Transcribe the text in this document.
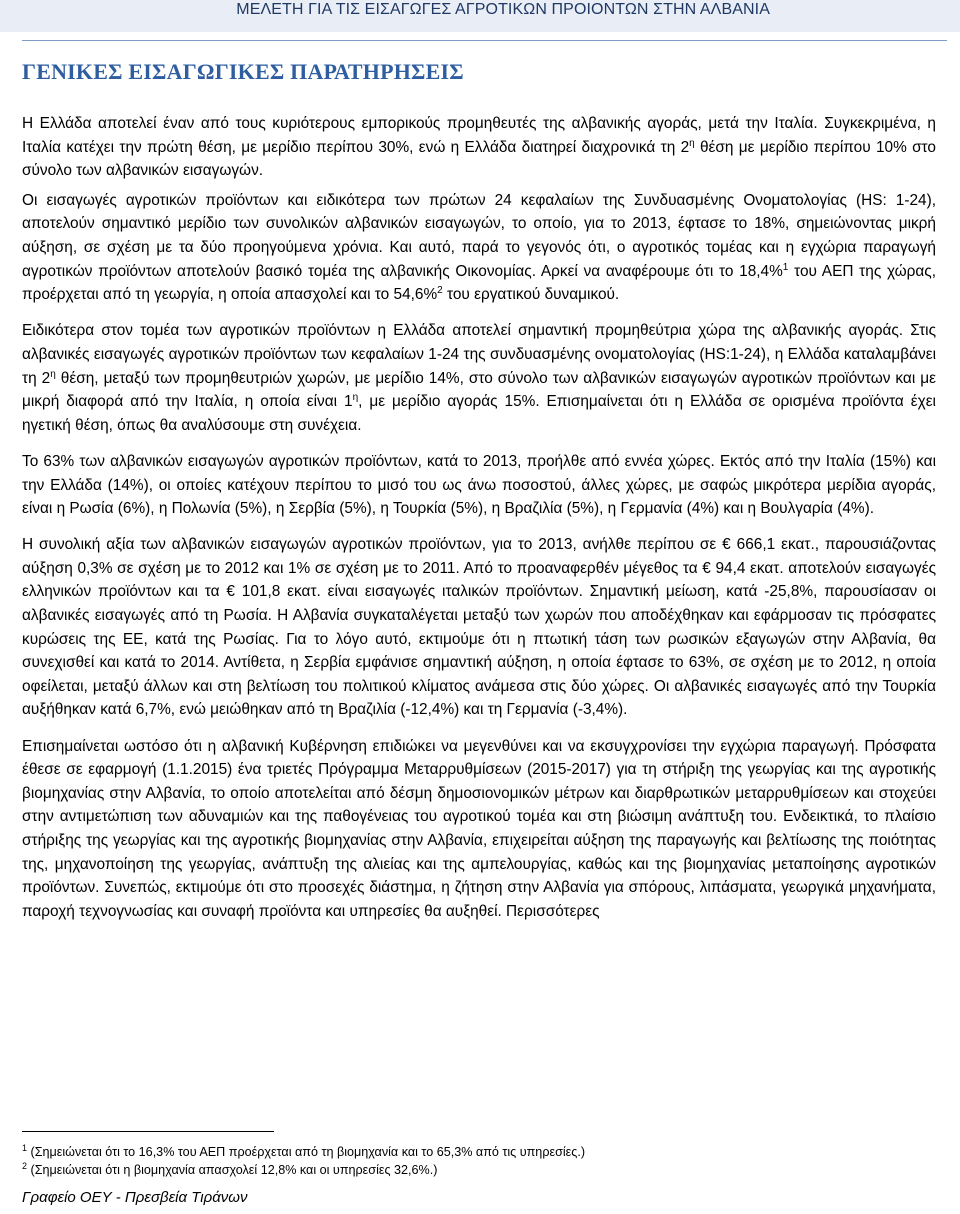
ΜΕΛΕΤΗ ΓΙΑ ΤΙΣ ΕΙΣΑΓΩΓΕΣ ΑΓΡΟΤΙΚΩΝ ΠΡΟΙΟΝΤΩΝ ΣΤΗΝ ΑΛΒΑΝΙΑ
ΓΕΝΙΚΕΣ ΕΙΣΑΓΩΓΙΚΕΣ ΠΑΡΑΤΗΡΗΣΕΙΣ

Η Ελλάδα αποτελεί έναν από τους κυριότερους εμπορικούς προμηθευτές της αλβανικής αγοράς, μετά την Ιταλία. Συγκεκριμένα, η Ιταλία κατέχει την πρώτη θέση, με μερίδιο περίπου 30%, ενώ η Ελλάδα διατηρεί διαχρονικά τη $2^\eta$ θέση με μερίδιο περίπου 10% στο σύνολο των αλβανικών εισαγωγών.

Οι εισαγωγές αγροτικών προϊόντων και ειδικότερα των πρώτων 24 κεφαλαίων της Συνδυασμένης Ονοματολογίας (HS: 1-24), αποτελούν σημαντικό μερίδιο των συνολικών αλβανικών εισαγωγών, το οποίο, για το 2013, έφτασε το 18%, σημειώνοντας μικρή αύξηση, σε σχέση με τα δύο προηγούμενα χρόνια. Και αυτό, παρά το γεγονός ότι, ο αγροτικός τομέας και η εγχώρια παραγωγή αγροτικών προϊόντων αποτελούν βασικό τομέα της αλβανικής Οικονομίας. Αρκεί να αναφέρουμε ότι το 18,4%$^1$ του ΑΕΠ της χώρας, προέρχεται από τη γεωργία, η οποία απασχολεί και το 54,6%$^2$ του εργατικού δυναμικού.

Ειδικότερα στον τομέα των αγροτικών προϊόντων η Ελλάδα αποτελεί σημαντική προμηθεύτρια χώρα της αλβανικής αγοράς. Στις αλβανικές εισαγωγές αγροτικών προϊόντων των κεφαλαίων 1-24 της συνδυασμένης ονοματολογίας (HS:1-24), η Ελλάδα καταλαμβάνει τη $2^\eta$ θέση, μεταξύ των προμηθευτριών χωρών, με μερίδιο 14%, στο σύνολο των αλβανικών εισαγωγών αγροτικών προϊόντων και με μικρή διαφορά από την Ιταλία, η οποία είναι $1^\eta$, με μερίδιο αγοράς 15%. Επισημαίνεται ότι η Ελλάδα σε ορισμένα προϊόντα έχει ηγετική θέση, όπως θα αναλύσουμε στη συνέχεια.

Το 63% των αλβανικών εισαγωγών αγροτικών προϊόντων, κατά το 2013, προήλθε από εννέα χώρες. Εκτός από την Ιταλία (15%) και την Ελλάδα (14%), οι οποίες κατέχουν περίπου το μισό του ως άνω ποσοστού, άλλες χώρες, με σαφώς μικρότερα μερίδια αγοράς, είναι η Ρωσία (6%), η Πολωνία (5%), η Σερβία (5%), η Τουρκία (5%), η Βραζιλία (5%), η Γερμανία (4%) και η Βουλγαρία (4%).

Η συνολική αξία των αλβανικών εισαγωγών αγροτικών προϊόντων, για το 2013, ανήλθε περίπου σε € 666,1 εκατ., παρουσιάζοντας αύξηση 0,3% σε σχέση με το 2012 και 1% σε σχέση με το 2011. Από το προαναφερθέν μέγεθος τα € 94,4 εκατ. αποτελούν εισαγωγές ελληνικών προϊόντων και τα € 101,8 εκατ. είναι εισαγωγές ιταλικών προϊόντων. Σημαντική μείωση, κατά -25,8%, παρουσίασαν οι αλβανικές εισαγωγές από τη Ρωσία. Η Αλβανία συγκαταλέγεται μεταξύ των χωρών που αποδέχθηκαν και εφάρμοσαν τις πρόσφατες κυρώσεις της ΕΕ, κατά της Ρωσίας. Για το λόγο αυτό, εκτιμούμε ότι η πτωτική τάση των ρωσικών εξαγωγών στην Αλβανία, θα συνεχισθεί και κατά το 2014. Αντίθετα, η Σερβία εμφάνισε σημαντική αύξηση, η οποία έφτασε το 63%, σε σχέση με το 2012, η οποία οφείλεται, μεταξύ άλλων και στη βελτίωση του πολιτικού κλίματος ανάμεσα στις δύο χώρες. Οι αλβανικές εισαγωγές από την Τουρκία αυξήθηκαν κατά 6,7%, ενώ μειώθηκαν από τη Βραζιλία (-12,4%) και τη Γερμανία (-3,4%).

Επισημαίνεται ωστόσο ότι η αλβανική Κυβέρνηση επιδιώκει να μεγενθύνει και να εκσυγχρονίσει την εγχώρια παραγωγή. Πρόσφατα έθεσε σε εφαρμογή (1.1.2015) ένα τριετές Πρόγραμμα Μεταρρυθμίσεων (2015-2017) για τη στήριξη της γεωργίας και της αγροτικής βιομηχανίας στην Αλβανία, το οποίο αποτελείται από δέσμη δημοσιονομικών μέτρων και διαρθρωτικών μεταρρυθμίσεων και στοχεύει στην αντιμετώπιση των αδυναμιών και της παθογένειας του αγροτικού τομέα και στη βιώσιμη ανάπτυξη του. Ενδεικτικά, το πλαίσιο στήριξης της γεωργίας και της αγροτικής βιομηχανίας στην Αλβανία, επιχειρείται αύξηση της παραγωγής και βελτίωσης της ποιότητας της, μηχανοποίηση της γεωργίας, ανάπτυξη της αλιείας και της αμπελουργίας, καθώς και της βιομηχανίας μεταποίησης αγροτικών προϊόντων. Συνεπώς, εκτιμούμε ότι στο προσεχές διάστημα, η ζήτηση στην Αλβανία για σπόρους, λιπάσματα, γεωργικά μηχανήματα, παροχή τεχνογνωσίας και συναφή προϊόντα και υπηρεσίες θα αυξηθεί. Περισσότερες

$^1$ (Σημειώνεται ότι το 16,3% του ΑΕΠ προέρχεται από τη βιομηχανία και το 65,3% από τις υπηρεσίες.)
$^2$ (Σημειώνεται ότι η βιομηχανία απασχολεί 12,8% και οι υπηρεσίες 32,6%.)
Γραφείο ΟΕΥ - Πρεσβεία Τιράνων
